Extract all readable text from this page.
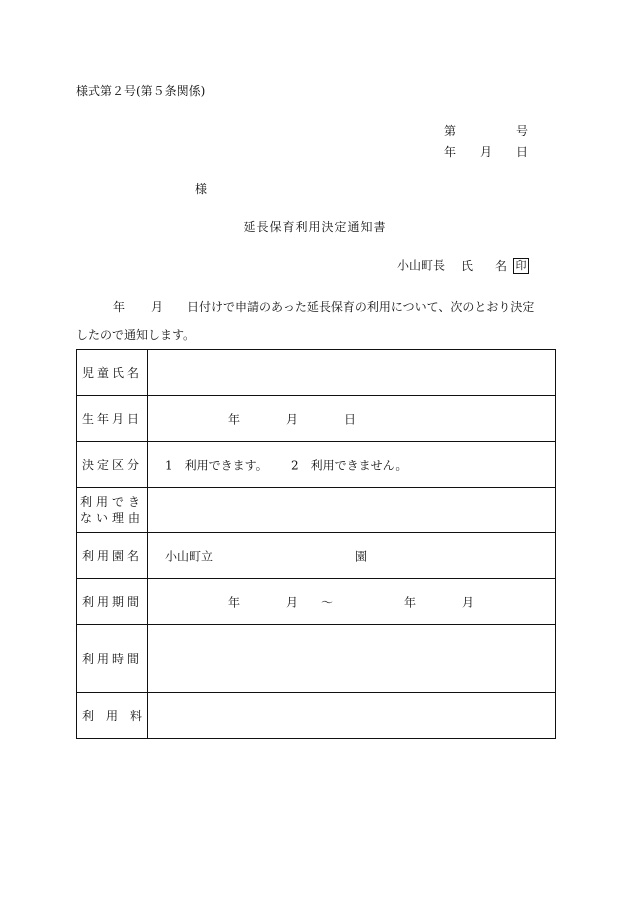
様式第２号(第５条関係)
第	号
年 月 日
様
延長保育利用決定通知書
小山町長 氏 名 印
年 月 日付けで申請のあった延長保育の利用について、次のとおり決定
したので通知します。
児童氏名	
生年月日	年 月 日

決定区分	1　利用できます。 2　利用できません。

利用でき
ない理由	
利用園名	小山町立 園

利用期間	年 月 ～ 年 月

利用時間	
利　用　料	
